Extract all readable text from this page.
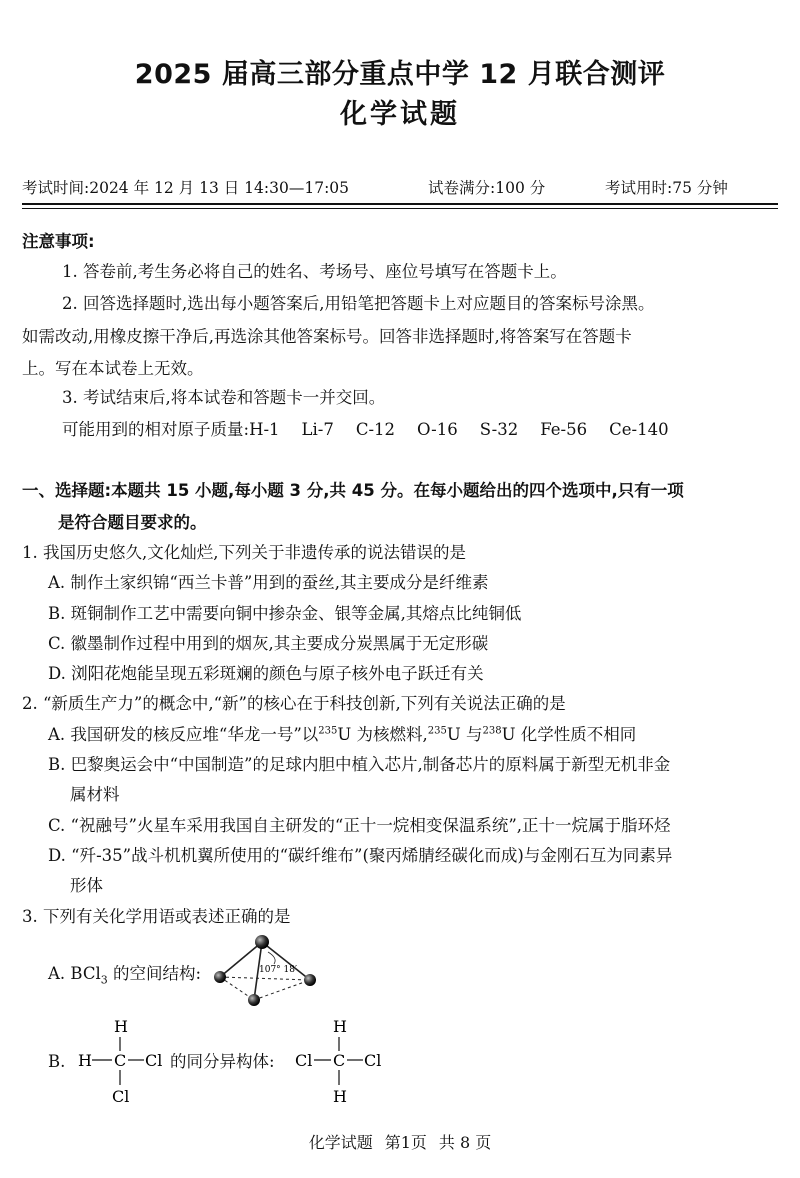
2025 届高三部分重点中学 12 月联合测评
化学试题
考试时间:2024 年 12 月 13 日 14:30—17:05	试卷满分:100 分	考试用时:75 分钟
注意事项:
1. 答卷前,考生务必将自己的姓名、考场号、座位号填写在答题卡上。
2. 回答选择题时,选出每小题答案后,用铅笔把答题卡上对应题目的答案标号涂黑。
如需改动,用橡皮擦干净后,再选涂其他答案标号。回答非选择题时,将答案写在答题卡
上。写在本试卷上无效。
3. 考试结束后,将本试卷和答题卡一并交回。
可能用到的相对原子质量:H-1 Li-7 C-12 O-16 S-32 Fe-56 Ce-140
一、选择题:本题共 15 小题,每小题 3 分,共 45 分。在每小题给出的四个选项中,只有一项
是符合题目要求的。
1. 我国历史悠久,文化灿烂,下列关于非遗传承的说法错误的是
A. 制作土家织锦“西兰卡普”用到的蚕丝,其主要成分是纤维素
B. 斑铜制作工艺中需要向铜中掺杂金、银等金属,其熔点比纯铜低
C. 徽墨制作过程中用到的烟灰,其主要成分炭黑属于无定形碳
D. 浏阳花炮能呈现五彩斑斓的颜色与原子核外电子跃迁有关
2. “新质生产力”的概念中,“新”的核心在于科技创新,下列有关说法正确的是
A. 我国研发的核反应堆“华龙一号”以$^{235}$U 为核燃料,$^{235}$U 与$^{238}$U 化学性质不相同
B. 巴黎奥运会中“中国制造”的足球内胆中植入芯片,制备芯片的原料属于新型无机非金
属材料
C. “祝融号”火星车采用我国自主研发的“正十一烷相变保温系统”,正十一烷属于脂环烃
D. “歼-35”战斗机机翼所使用的“碳纤维布”(聚丙烯腈经碳化而成)与金刚石互为同素异
形体
3. 下列有关化学用语或表述正确的是
A. BCl$_3$ 的空间结构:	107° 18′
B.
H
H C Cl
Cl
的同分异构体:
H
Cl C Cl
H
化学试题 第1页 共 8 页
